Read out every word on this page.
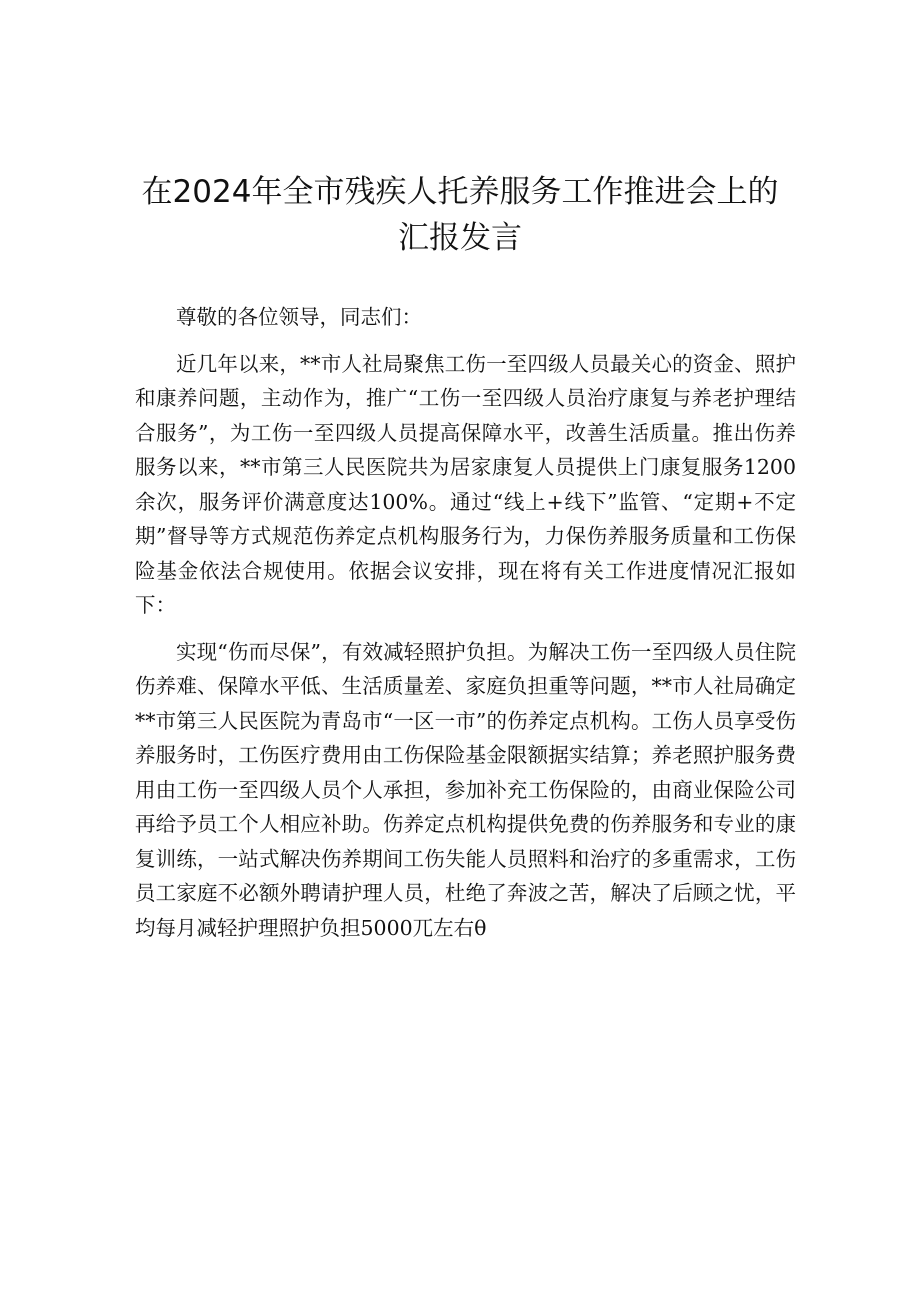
在2024年全市残疾人托养服务工作推进会上的
汇报发言

尊敬的各位领导，同志们：

近几年以来，**市人社局聚焦工伤一至四级人员最关心的资金、照护和康养问题，主动作为，推广“工伤一至四级人员治疗康复与养老护理结合服务”，为工伤一至四级人员提高保障水平，改善生活质量。推出伤养服务以来，**市第三人民医院共为居家康复人员提供上门康复服务1200余次，服务评价满意度达100%。通过“线上+线下”监管、“定期+不定期”督导等方式规范伤养定点机构服务行为，力保伤养服务质量和工伤保险基金依法合规使用。依据会议安排，现在将有关工作进度情况汇报如下：

实现“伤而尽保”，有效减轻照护负担。为解决工伤一至四级人员住院伤养难、保障水平低、生活质量差、家庭负担重等问题，**市人社局确定**市第三人民医院为青岛市“一区一市”的伤养定点机构。工伤人员享受伤养服务时，工伤医疗费用由工伤保险基金限额据实结算；养老照护服务费用由工伤一至四级人员个人承担，参加补充工伤保险的，由商业保险公司再给予员工个人相应补助。伤养定点机构提供免费的伤养服务和专业的康复训练，一站式解决伤养期间工伤失能人员照料和治疗的多重需求，工伤员工家庭不必额外聘请护理人员，杜绝了奔波之苦，解决了后顾之忧，平均每月减轻护理照护负担5000兀左右θ
